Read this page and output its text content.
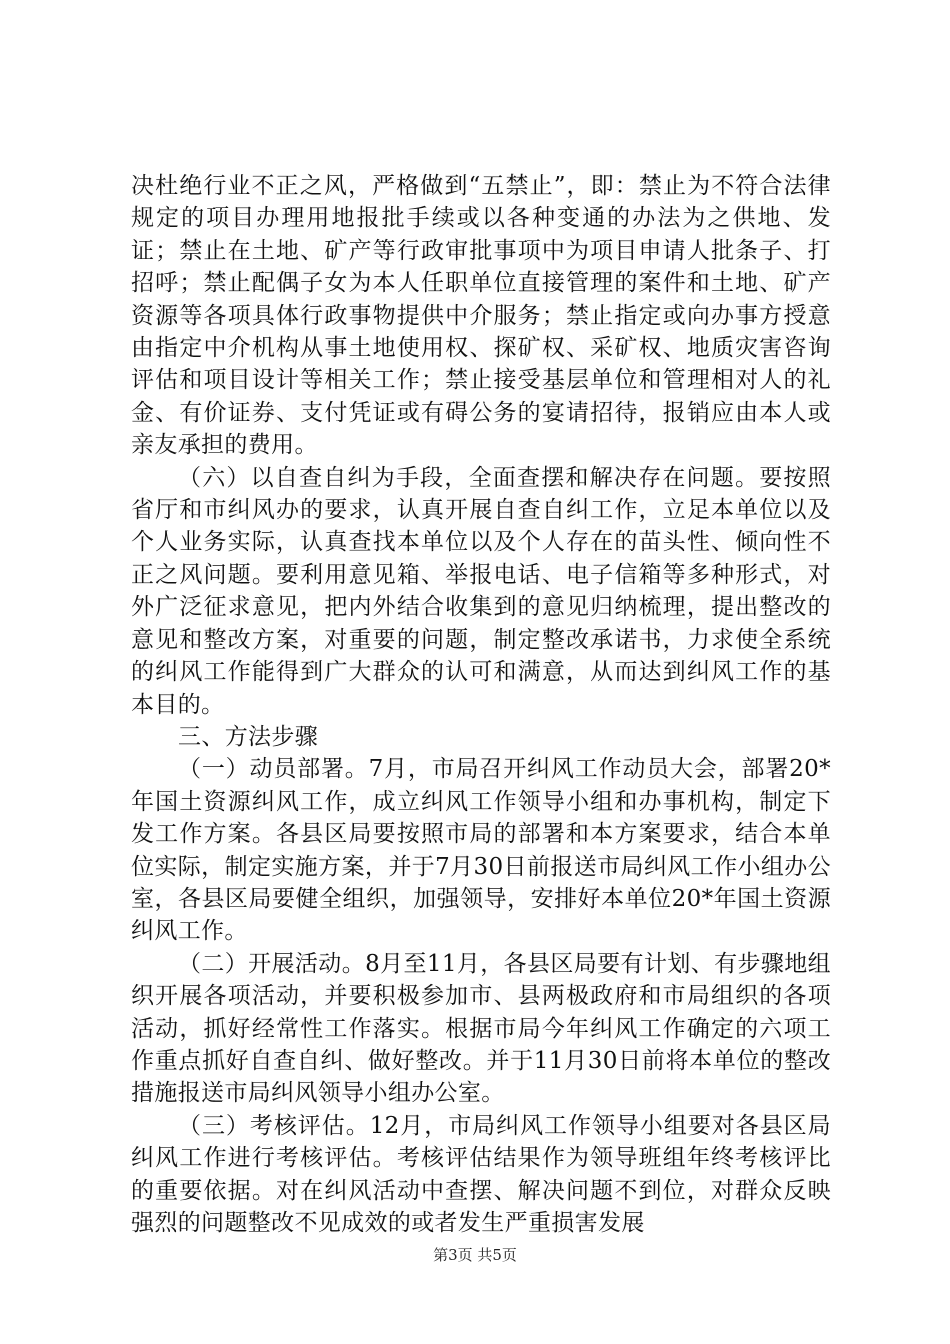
决杜绝行业不正之风，严格做到“五禁止”，即：禁止为不符合法律规定的项目办理用地报批手续或以各种变通的办法为之供地、发证；禁止在土地、矿产等行政审批事项中为项目申请人批条子、打招呼；禁止配偶子女为本人任职单位直接管理的案件和土地、矿产资源等各项具体行政事物提供中介服务；禁止指定或向办事方授意由指定中介机构从事土地使用权、探矿权、采矿权、地质灾害咨询评估和项目设计等相关工作；禁止接受基层单位和管理相对人的礼金、有价证券、支付凭证或有碍公务的宴请招待，报销应由本人或亲友承担的费用。

（六）以自查自纠为手段，全面查摆和解决存在问题。要按照省厅和市纠风办的要求，认真开展自查自纠工作，立足本单位以及个人业务实际，认真查找本单位以及个人存在的苗头性、倾向性不正之风问题。要利用意见箱、举报电话、电子信箱等多种形式，对外广泛征求意见，把内外结合收集到的意见归纳梳理，提出整改的意见和整改方案，对重要的问题，制定整改承诺书，力求使全系统的纠风工作能得到广大群众的认可和满意，从而达到纠风工作的基本目的。

三、方法步骤

（一）动员部署。7月，市局召开纠风工作动员大会，部署20*年国土资源纠风工作，成立纠风工作领导小组和办事机构，制定下发工作方案。各县区局要按照市局的部署和本方案要求，结合本单位实际，制定实施方案，并于7月30日前报送市局纠风工作小组办公室，各县区局要健全组织，加强领导，安排好本单位20*年国土资源纠风工作。

（二）开展活动。8月至11月，各县区局要有计划、有步骤地组织开展各项活动，并要积极参加市、县两极政府和市局组织的各项活动，抓好经常性工作落实。根据市局今年纠风工作确定的六项工作重点抓好自查自纠、做好整改。并于11月30日前将本单位的整改措施报送市局纠风领导小组办公室。

（三）考核评估。12月，市局纠风工作领导小组要对各县区局纠风工作进行考核评估。考核评估结果作为领导班组年终考核评比的重要依据。对在纠风活动中查摆、解决问题不到位，对群众反映强烈的问题整改不见成效的或者发生严重损害发展

第3页 共5页
